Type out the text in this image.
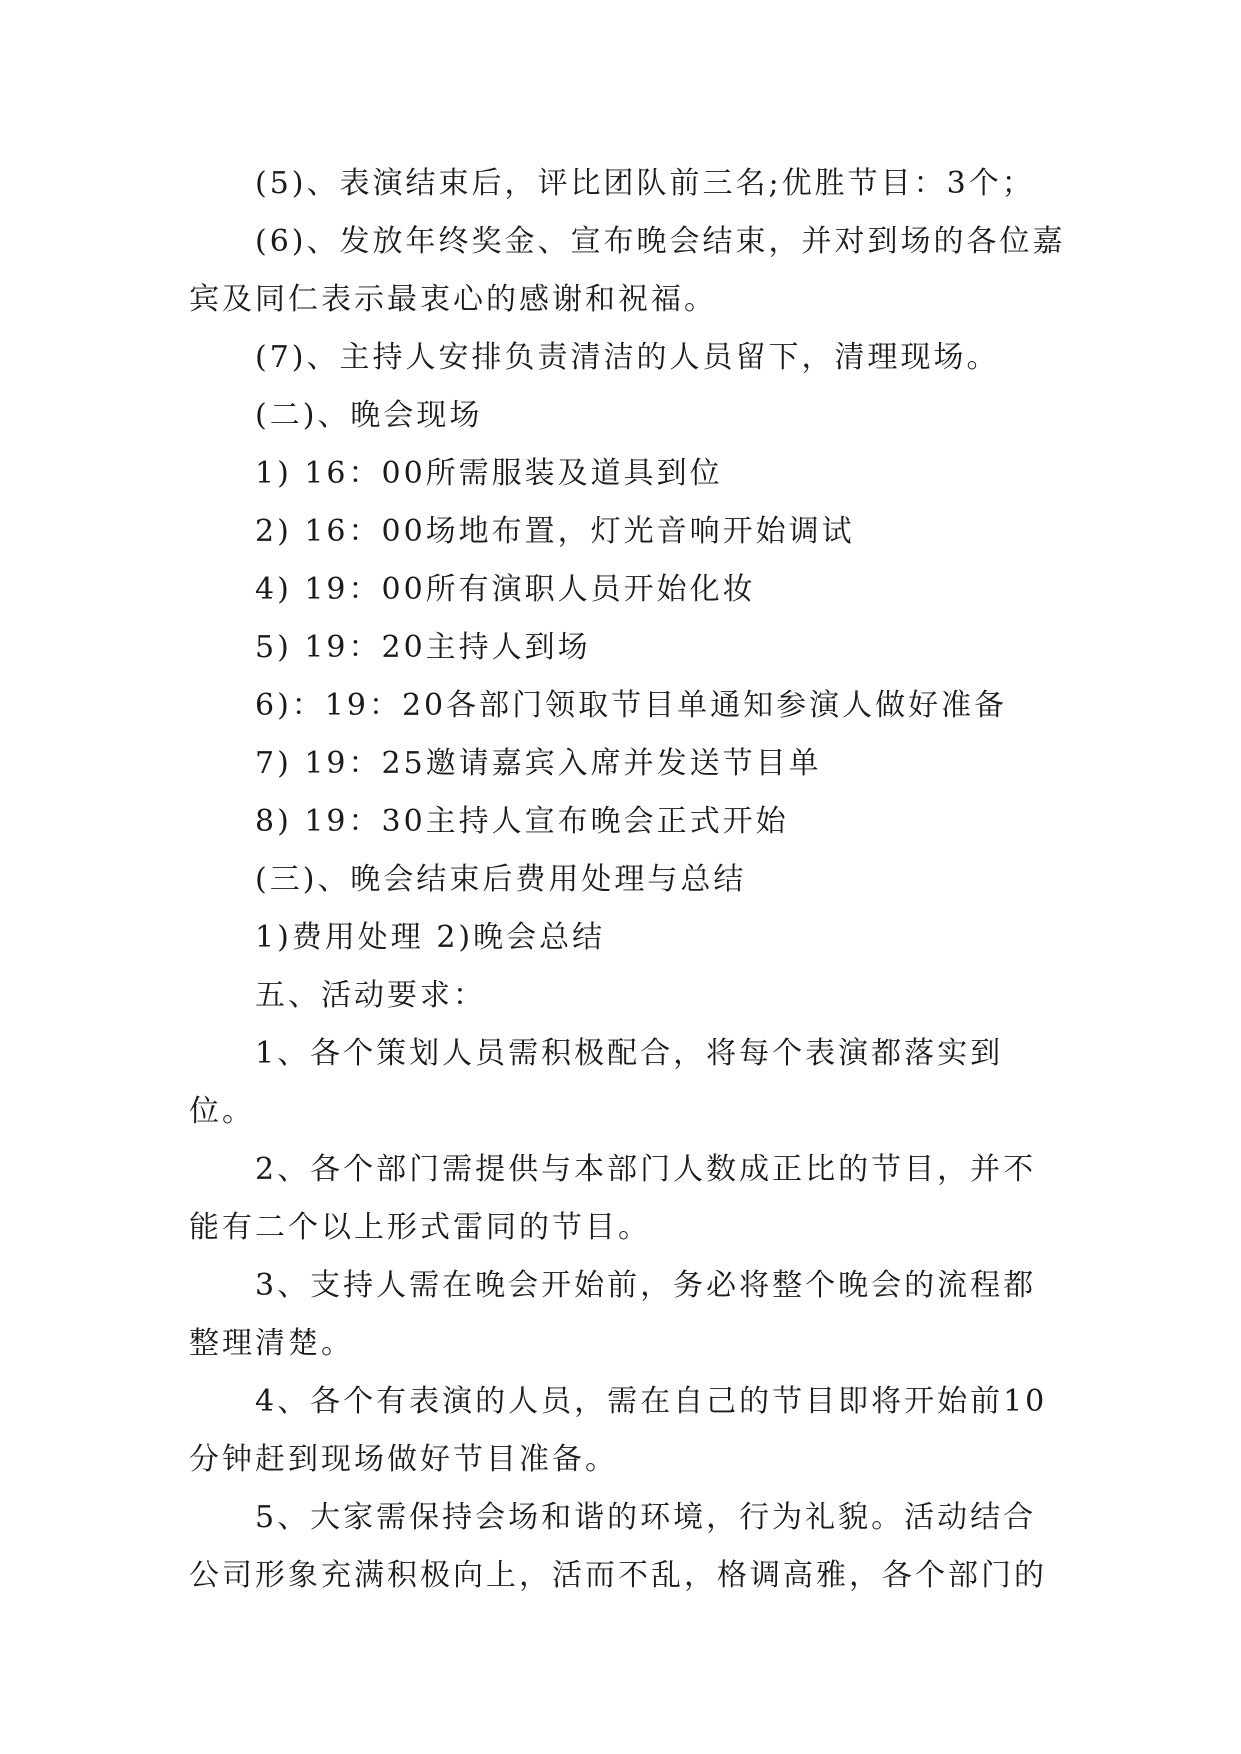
(5)、表演结束后，评比团队前三名;优胜节目：3个；

(6)、发放年终奖金、宣布晚会结束，并对到场的各位嘉宾及同仁表示最衷心的感谢和祝福。

(7)、主持人安排负责清洁的人员留下，清理现场。

(二)、晚会现场

1) 16：00所需服装及道具到位

2) 16：00场地布置，灯光音响开始调试

4) 19：00所有演职人员开始化妆

5) 19：20主持人到场

6)：19：20各部门领取节目单通知参演人做好准备

7) 19：25邀请嘉宾入席并发送节目单

8) 19：30主持人宣布晚会正式开始

(三)、晚会结束后费用处理与总结

1)费用处理 2)晚会总结

五、活动要求：

1、各个策划人员需积极配合，将每个表演都落实到位。

2、各个部门需提供与本部门人数成正比的节目，并不能有二个以上形式雷同的节目。

3、支持人需在晚会开始前，务必将整个晚会的流程都整理清楚。

4、各个有表演的人员，需在自己的节目即将开始前10分钟赶到现场做好节目准备。

5、大家需保持会场和谐的环境，行为礼貌。活动结合公司形象充满积极向上，活而不乱，格调高雅，各个部门的
